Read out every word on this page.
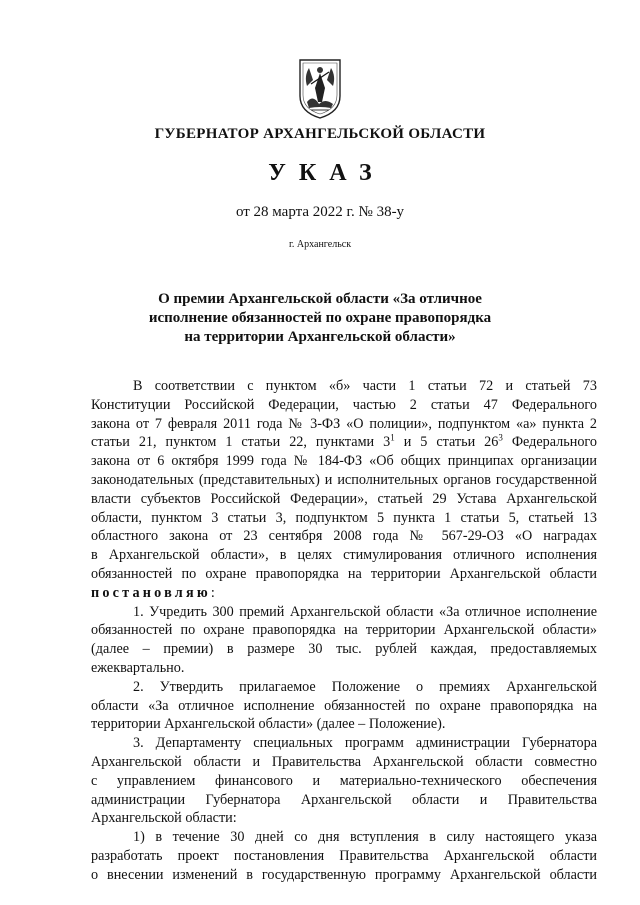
ГУБЕРНАТОР АРХАНГЕЛЬСКОЙ ОБЛАСТИ
УКАЗ
от 28 марта 2022 г. № 38-у
г. Архангельск
О премии Архангельской области «За отличное
исполнение обязанностей по охране правопорядка
на территории Архангельской области»

В соответствии с пунктом «б» части 1 статьи 72 и статьей 73

Конституции Российской Федерации, частью 2 статьи 47 Федерального

закона от 7 февраля 2011 года № 3-ФЗ «О полиции», подпунктом «а» пункта 2

статьи 21, пунктом 1 статьи 22, пунктами $3^1$ и 5 статьи $26^3$ Федерального

закона от 6 октября 1999 года № 184-ФЗ «Об общих принципах организации

законодательных (представительных) и исполнительных органов государственной

власти субъектов Российской Федерации», статьей 29 Устава Архангельской

области, пунктом 3 статьи 3, подпунктом 5 пункта 1 статьи 5, статьей 13

областного закона от 23 сентября 2008 года № 567-29-ОЗ «О наградах

в Архангельской области», в целях стимулирования отличного исполнения

обязанностей по охране правопорядка на территории Архангельской области

постановляю:

1. Учредить 300 премий Архангельской области «За отличное исполнение

обязанностей по охране правопорядка на территории Архангельской области»

(далее – премии) в размере 30 тыс. рублей каждая, предоставляемых

ежеквартально.

2. Утвердить прилагаемое Положение о премиях Архангельской

области «За отличное исполнение обязанностей по охране правопорядка на

территории Архангельской области» (далее – Положение).

3. Департаменту специальных программ администрации Губернатора

Архангельской области и Правительства Архангельской области совместно

с управлением финансового и материально-технического обеспечения

администрации Губернатора Архангельской области и Правительства

Архангельской области:

1) в течение 30 дней со дня вступления в силу настоящего указа

разработать проект постановления Правительства Архангельской области

о внесении изменений в государственную программу Архангельской области
